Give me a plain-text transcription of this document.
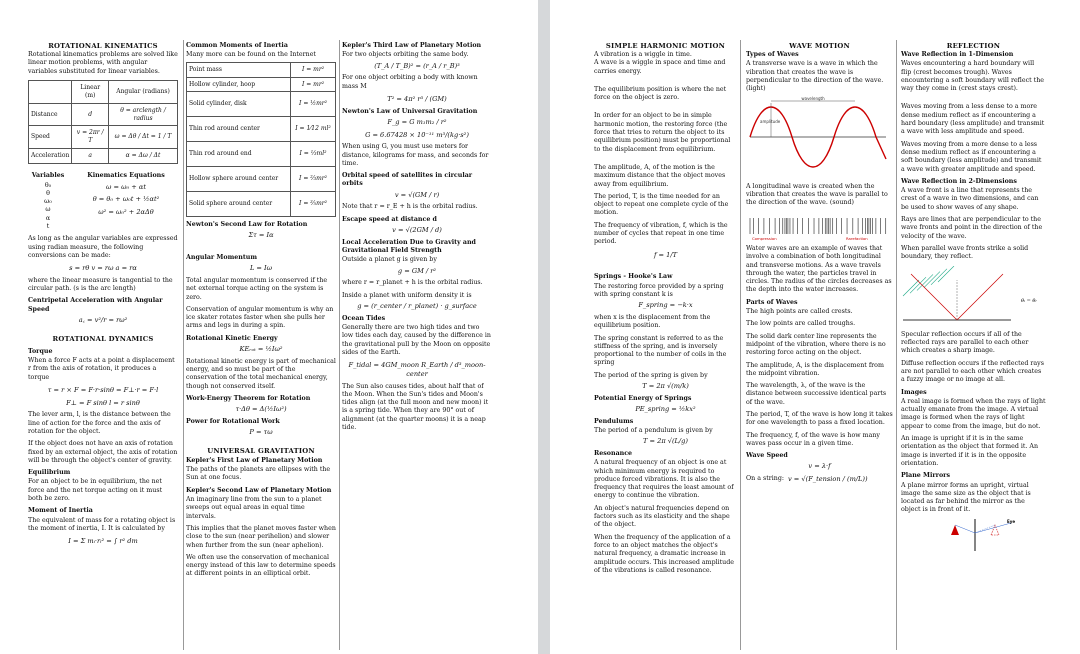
ROTATIONAL KINEMATICS

Rotational kinematics problems are solved like linear motion problems, with angular variables substituted for linear variables.

	Linear (m)	Angular (radians)
Distance	d	θ = arclength / radius
Speed	v = 2πr / T	ω = Δθ / Δt = 1 / T
Acceleration	a	α = Δω / Δt
Variables
θ₀
θ
ω₀
ω
α
t
Kinematics Equations
ω = ω₀ + αt
θ = θ₀ + ω₀t + ½αt²
ω² = ω₀² + 2αΔθ

As long as the angular variables are expressed using radian measure, the following conversions can be made:

s = rθ v = rω a = rα

where the linear measure is tangential to the circular path. (s is the arc length)

Centripetal Acceleration with Angular Speed
a꜀ = v²/r = rω²
ROTATIONAL DYNAMICS
Torque

When a force F acts at a point a displacement r from the axis of rotation, it produces a torque

τ = r × F = F·r·sinθ = F⊥·r = F·l
F⊥ = F sinθ l = r sinθ

The lever arm, l, is the distance between the line of action for the force and the axis of rotation for the object.

If the object does not have an axis of rotation fixed by an external object, the axis of rotation will be through the object's center of gravity.

Equilibrium

For an object to be in equilibrium, the net force and the net torque acting on it must both be zero.

Moment of Inertia

The equivalent of mass for a rotating object is the moment of inertia, I. It is calculated by

I = Σ mᵢ·rᵢ² = ∫ r² dm
Common Moments of Inertia

Many more can be found on the Internet

Point mass	I = mr²
Hollow cylinder, hoop	I = mr²
Solid cylinder, disk	I = ½mr²
Thin rod around center	I = 1⁄12 ml²
Thin rod around end	I = ⅓ml²
Hollow sphere around center	I = ⅔mr²
Solid sphere around center	I = ⅖mr²
Newton's Second Law for Rotation
Στ = Iα
Angular Momentum
L = Iω

Total angular momentum is conserved if the net external torque acting on the system is zero.

Conservation of angular momentum is why an ice skater rotates faster when she pulls her arms and legs in during a spin.

Rotational Kinetic Energy
KEᵣₒₜ = ½Iω²

Rotational kinetic energy is part of mechanical energy, and so must be part of the conservation of the total mechanical energy, though not conserved itself.

Work-Energy Theorem for Rotation
τ·Δθ = Δ(½Iω²)
Power for Rotational Work
P = τω
UNIVERSAL GRAVITATION
Kepler's First Law of Planetary Motion

The paths of the planets are ellipses with the Sun at one focus.

Kepler's Second Law of Planetary Motion

An imaginary line from the sun to a planet sweeps out equal areas in equal time intervals.

This implies that the planet moves faster when close to the sun (near perihelion) and slower when further from the sun (near aphelion).

We often use the conservation of mechanical energy instead of this law to determine speeds at different points in an elliptical orbit.

Kepler's Third Law of Planetary Motion

For two objects orbiting the same body.

(T_A / T_B)² = (r_A / r_B)³

For one object orbiting a body with known mass M

T² = 4π² r³ / (GM)
Newton's Law of Universal Gravitation
F_g = G m₁m₂ / r²
G = 6.67428 × 10⁻¹¹ m³/(kg·s²)

When using G, you must use meters for distance, kilograms for mass, and seconds for time.

Orbital speed of satellites in circular orbits
v = √(GM / r)

Note that r = r_E + h is the orbital radius.

Escape speed at distance d
v = √(2GM / d)
Local Acceleration Due to Gravity and Gravitational Field Strength

Outside a planet g is given by

g = GM / r²

where r = r_planet + h is the orbital radius.

Inside a planet with uniform density it is

g = (r_center / r_planet) · g_surface
Ocean Tides

Generally there are two high tides and two low tides each day, caused by the difference in the gravitational pull by the Moon on opposite sides of the Earth.

F_tidal = 4GM_moon R_Earth / d³_moon-center

The Sun also causes tides, about half that of the Moon. When the Sun's tides and Moon's tides align (at the full moon and new moon) it is a spring tide. When they are 90° out of alignment (at the quarter moons) it is a neap tide.

SIMPLE HARMONIC MOTION

A vibration is a wiggle in time.

A wave is a wiggle in space and time and carries energy.

The equilibrium position is where the net force on the object is zero.

In order for an object to be in simple harmonic motion, the restoring force (the force that tries to return the object to its equilibrium position) must be proportional to the displacement from equilibrium.

The amplitude, A, of the motion is the maximum distance that the object moves away from equilibrium.

The period, T, is the time needed for an object to repeat one complete cycle of the motion.

The frequency of vibration, f, which is the number of cycles that repeat in one time period.

f = 1/T
Springs - Hooke's Law

The restoring force provided by a spring with spring constant k is

F_spring = −k·x

when x is the displacement from the equilibrium position.

The spring constant is referred to as the stiffness of the spring, and is inversely proportional to the number of coils in the spring

The period of the spring is given by

T = 2π √(m/k)
Potential Energy of Springs
PE_spring = ½kx²
Pendulums

The period of a pendulum is given by

T = 2π √(L/g)
Resonance

A natural frequency of an object is one at which minimum energy is required to produce forced vibrations. It is also the frequency that requires the least amount of energy to continue the vibration.

An object's natural frequencies depend on factors such as its elasticity and the shape of the object.

When the frequency of the application of a force to an object matches the object's natural frequency, a dramatic increase in amplitude occurs. This increased amplitude of the vibrations is called resonance.

WAVE MOTION
Types of Waves

A transverse wave is a wave in which the vibration that creates the wave is perpendicular to the direction of the wave. (light)

wavelength
amplitude

A longitudinal wave is created when the vibration that creates the wave is parallel to the direction of the wave. (sound)

Compression	Rarefaction

Water waves are an example of waves that involve a combination of both longitudinal and transverse motions. As a wave travels through the water, the particles travel in circles. The radius of the circles decreases as the depth into the water increases.

Parts of Waves

The high points are called crests.

The low points are called troughs.

The solid dark center line represents the midpoint of the vibration, where there is no restoring force acting on the object.

The amplitude, A, is the displacement from the midpoint vibration.

The wavelength, λ, of the wave is the distance between successive identical parts of the wave.

The period, T, of the wave is how long it takes for one wavelength to pass a fixed location.

The frequency, f, of the wave is how many waves pass occur in a given time.

Wave Speed
v = λ·f
On a string: v = √(F_tension / (m/L))
REFLECTION
Wave Reflection in 1-Dimension

Waves encountering a hard boundary will flip (crest becomes trough). Waves encountering a soft boundary will reflect the way they come in (crest stays crest).

Waves moving from a less dense to a more dense medium reflect as if encountering a hard boundary (less amplitude) and transmit a wave with less amplitude and speed.

Waves moving from a more dense to a less dense medium reflect as if encountering a soft boundary (less amplitude) and transmit a wave with greater amplitude and speed.

Wave Reflection in 2-Dimensions

A wave front is a line that represents the crest of a wave in two dimensions, and can be used to show waves of any shape.

Rays are lines that are perpendicular to the wave fronts and point in the direction of the velocity of the wave.

When parallel wave fronts strike a solid boundary, they reflect.

θᵢ = θᵣ

Specular reflection occurs if all of the reflected rays are parallel to each other which creates a sharp image.

Diffuse reflection occurs if the reflected rays are not parallel to each other which creates a fuzzy image or no image at all.

Images

A real image is formed when the rays of light actually emanate from the image. A virtual image is formed when the rays of light appear to come from the image, but do not.

An image is upright if it is in the same orientation as the object that formed it. An image is inverted if it is in the opposite orientation.

Plane Mirrors

A plane mirror forms an upright, virtual image the same size as the object that is located as far behind the mirror as the object is in front of it.

Eye
